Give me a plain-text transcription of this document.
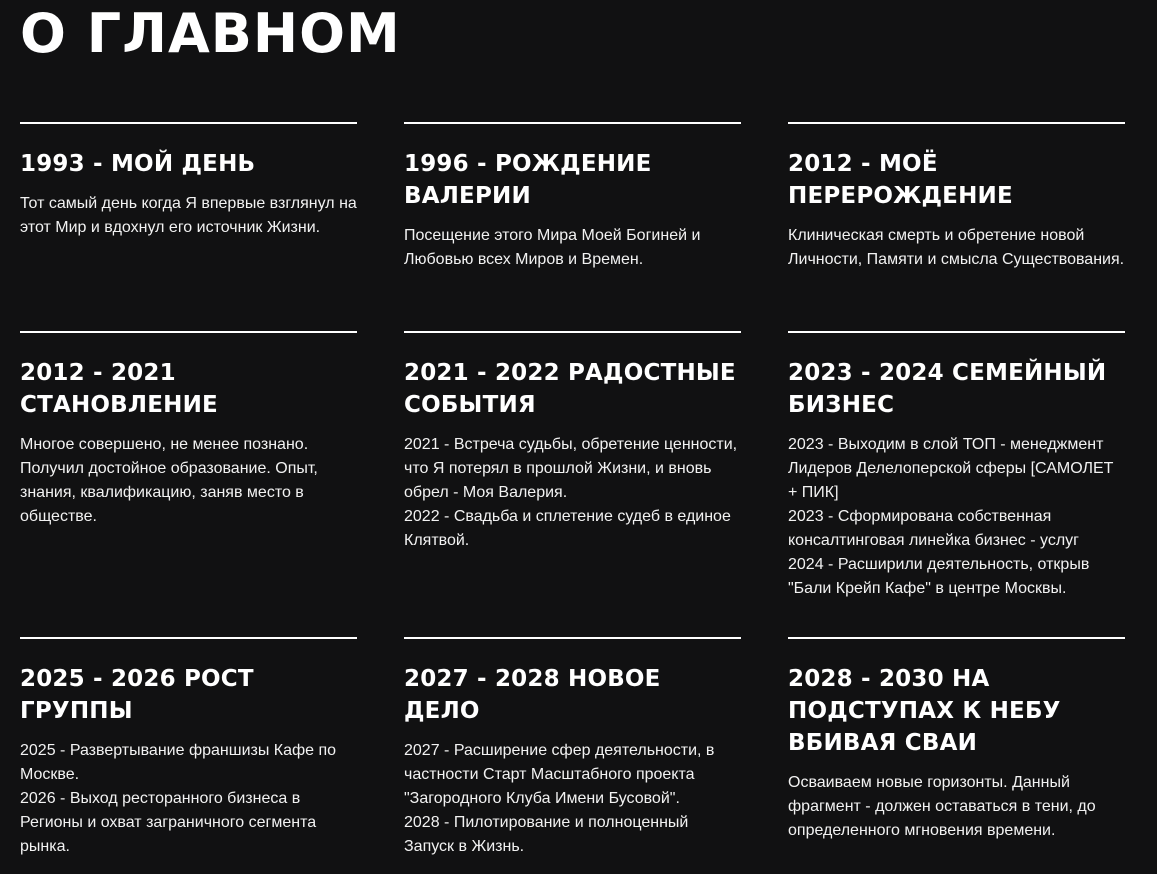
О ГЛАВНОМ
1993 - МОЙ ДЕНЬ

Тот самый день когда Я впервые взглянул на этот Мир и вдохнул его источник Жизни.

1996 - РОЖДЕНИЕ ВАЛЕРИИ

Посещение этого Мира Моей Богиней и Любовью всех Миров и Времен.

2012 - МОЁ ПЕРЕРОЖДЕНИЕ

Клиническая смерть и обретение новой Личности, Памяти и смысла Существования.

2012 - 2021 СТАНОВЛЕНИЕ

Многое совершено, не менее познано. Получил достойное образование. Опыт, знания, квалификацию, заняв место в обществе.

2021 - 2022 РАДОСТНЫЕ СОБЫТИЯ

2021 - Встреча судьбы, обретение ценности, что Я потерял в прошлой Жизни, и вновь обрел - Моя Валерия.
2022 - Свадьба и сплетение судеб в единое Клятвой.

2023 - 2024 СЕМЕЙНЫЙ БИЗНЕС

2023 - Выходим в слой ТОП - менеджмент Лидеров Делелоперской сферы [САМОЛЕТ + ПИК]
2023 - Сформирована собственная консалтинговая линейка бизнес - услуг
2024 - Расширили деятельность, открыв "Бали Крейп Кафе" в центре Москвы.

2025 - 2026 РОСТ ГРУППЫ

2025 - Развертывание франшизы Кафе по Москве.
2026 - Выход ресторанного бизнеса в Регионы и охват заграничного сегмента рынка.

2027 - 2028 НОВОЕ ДЕЛО

2027 - Расширение сфер деятельности, в частности Старт Масштабного проекта "Загородного Клуба Имени Бусовой".
2028 - Пилотирование и полноценный Запуск в Жизнь.

2028 - 2030 НА ПОДСТУПАХ К НЕБУ ВБИВАЯ СВАИ

Осваиваем новые горизонты. Данный фрагмент - должен оставаться в тени, до определенного мгновения времени.
